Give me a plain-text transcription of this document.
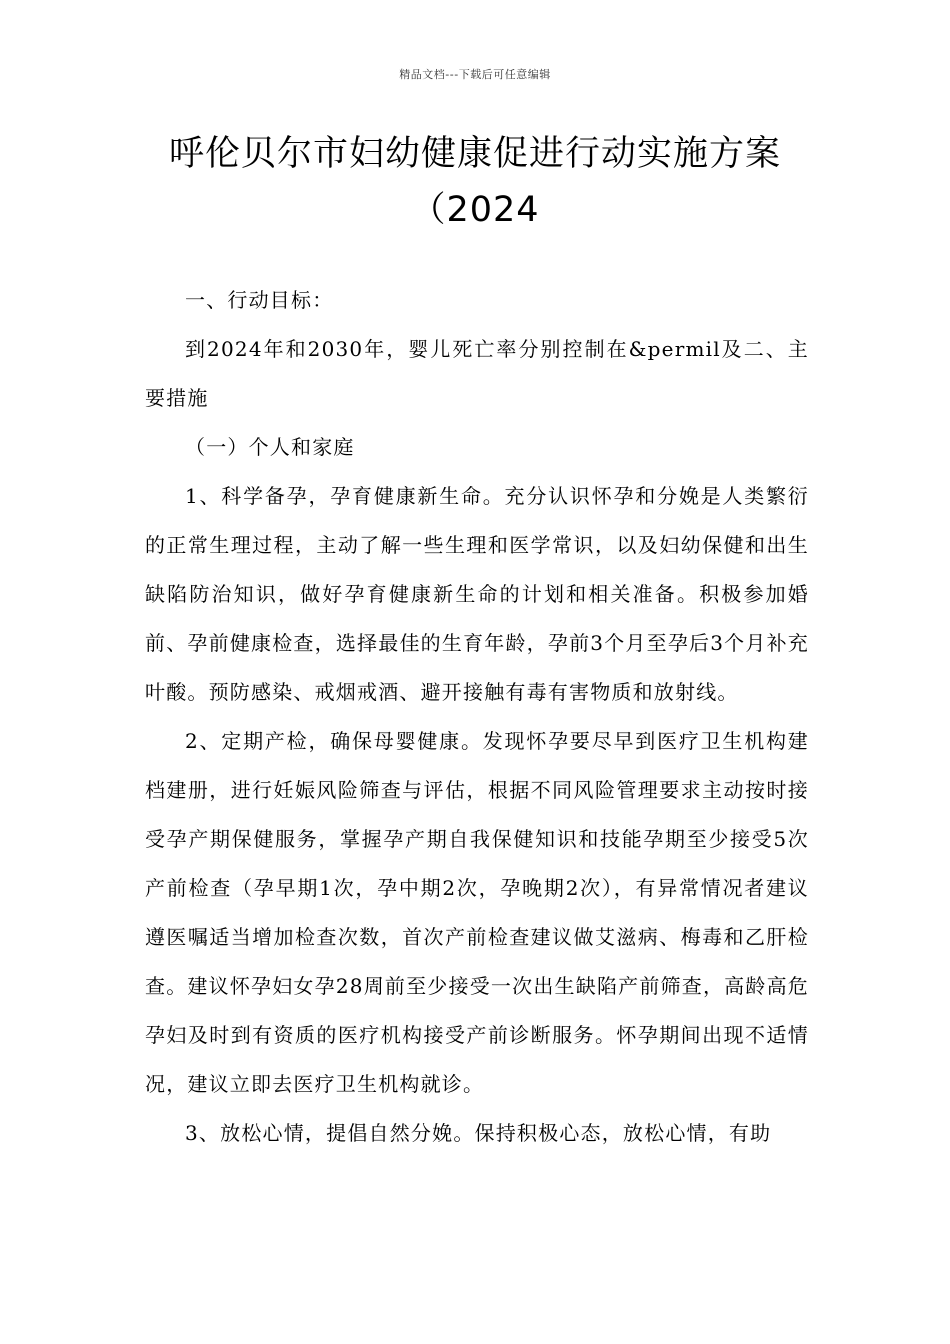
精品文档---下载后可任意编辑
呼伦贝尔市妇幼健康促进行动实施方案
（2024

一、行动目标：

到2024年和2030年，婴儿死亡率分别控制在&permil及二、主要措施

（一）个人和家庭

1、科学备孕，孕育健康新生命。充分认识怀孕和分娩是人类繁衍的正常生理过程，主动了解一些生理和医学常识，以及妇幼保健和出生缺陷防治知识，做好孕育健康新生命的计划和相关准备。积极参加婚前、孕前健康检查，选择最佳的生育年龄，孕前3个月至孕后3个月补充叶酸。预防感染、戒烟戒酒、避开接触有毒有害物质和放射线。

2、定期产检，确保母婴健康。发现怀孕要尽早到医疗卫生机构建档建册，进行妊娠风险筛查与评估，根据不同风险管理要求主动按时接受孕产期保健服务，掌握孕产期自我保健知识和技能孕期至少接受5次产前检查（孕早期1次，孕中期2次，孕晚期2次），有异常情况者建议遵医嘱适当增加检查次数，首次产前检查建议做艾滋病、梅毒和乙肝检查。建议怀孕妇女孕28周前至少接受一次出生缺陷产前筛查，高龄高危孕妇及时到有资质的医疗机构接受产前诊断服务。怀孕期间出现不适情况，建议立即去医疗卫生机构就诊。

3、放松心情，提倡自然分娩。保持积极心态，放松心情，有助
